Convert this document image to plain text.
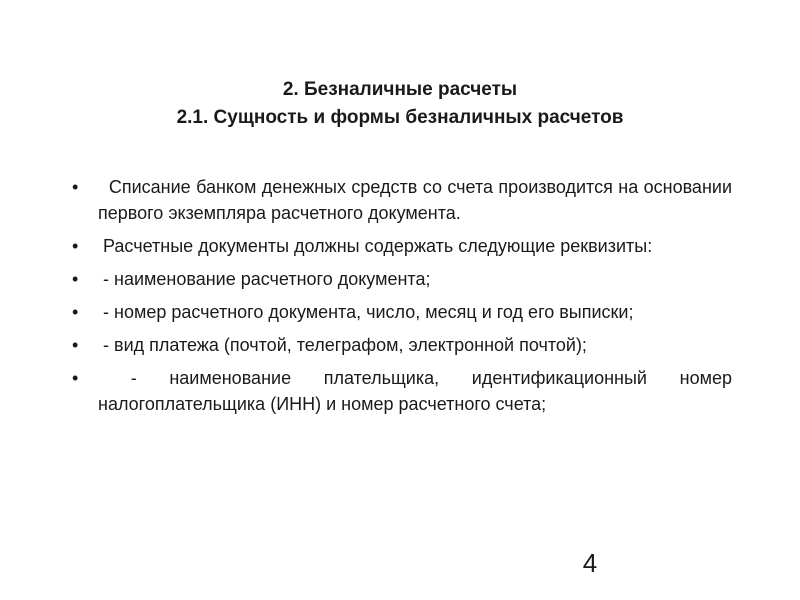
2. Безналичные расчеты
2.1. Сущность и формы безналичных расчетов
• Списание банком денежных средств со счета производится на основании первого экземпляра расчетного документа.
• Расчетные документы должны содержать следующие реквизиты:
• - наименование расчетного документа;
• - номер расчетного документа, число, месяц и год его выписки;
• - вид платежа (почтой, телеграфом, электронной почтой);
• - наименование плательщика, идентификационный номер налогоплательщика (ИНН) и номер расчетного счета;
4
